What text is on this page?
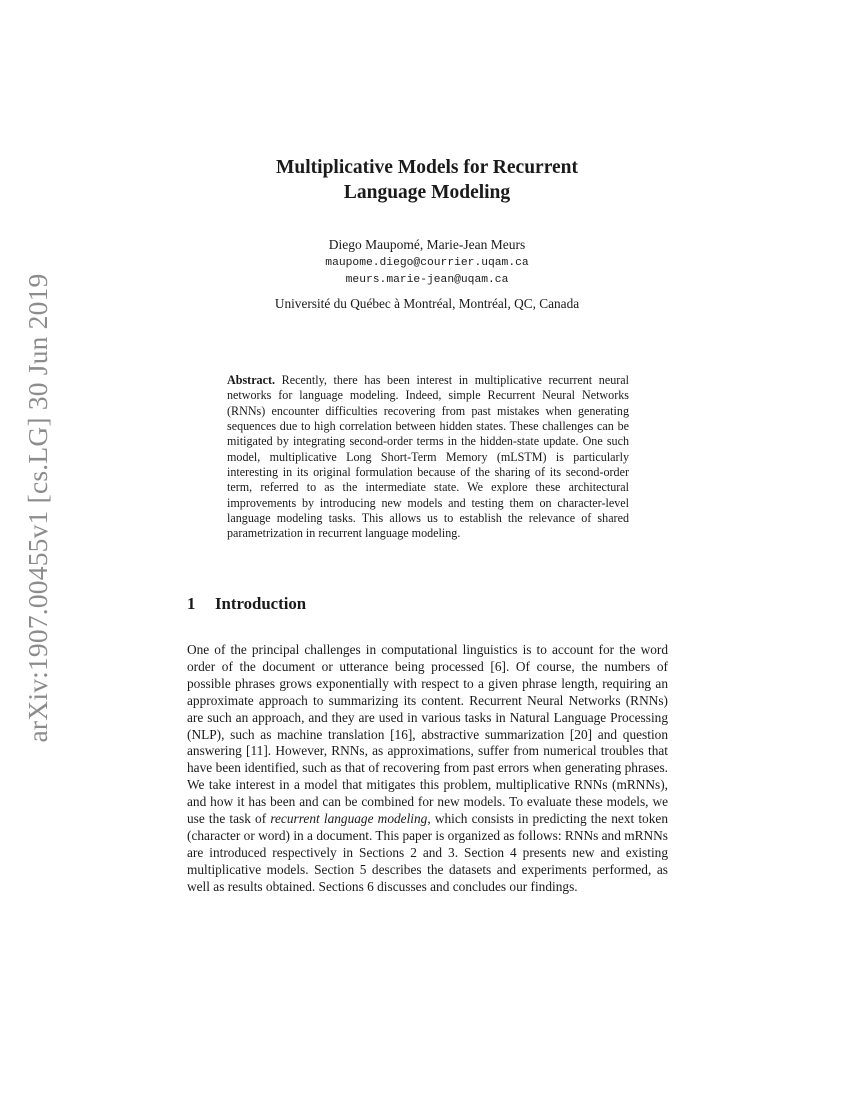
arXiv:1907.00455v1 [cs.LG] 30 Jun 2019
Multiplicative Models for Recurrent
Language Modeling
Diego Maupomé, Marie-Jean Meurs
maupome.diego@courrier.uqam.ca
meurs.marie-jean@uqam.ca
Université du Québec à Montréal, Montréal, QC, Canada
Abstract. Recently, there has been interest in multiplicative recurrent neural networks for language modeling. Indeed, simple Recurrent Neural Networks (RNNs) encounter difficulties recovering from past mistakes when generating sequences due to high correlation between hidden states. These challenges can be mitigated by integrating second-order terms in the hidden-state update. One such model, multiplicative Long Short-Term Memory (mLSTM) is particularly interesting in its original formulation because of the sharing of its second-order term, referred to as the intermediate state. We explore these architectural improvements by introducing new models and testing them on character-level language modeling tasks. This allows us to establish the relevance of shared parametrization in recurrent language modeling.
1 Introduction
One of the principal challenges in computational linguistics is to account for the word order of the document or utterance being processed [6]. Of course, the numbers of possible phrases grows exponentially with respect to a given phrase length, requiring an approximate approach to summarizing its content. Recurrent Neural Networks (RNNs) are such an approach, and they are used in various tasks in Natural Language Processing (NLP), such as machine translation [16], abstractive summarization [20] and question answering [11]. However, RNNs, as approximations, suffer from numerical troubles that have been identified, such as that of recovering from past errors when generating phrases. We take interest in a model that mitigates this problem, multiplicative RNNs (mRNNs), and how it has been and can be combined for new models. To evaluate these models, we use the task of recurrent language modeling, which consists in predicting the next token (character or word) in a document. This paper is organized as follows: RNNs and mRNNs are introduced respectively in Sections 2 and 3. Section 4 presents new and existing multiplicative models. Section 5 describes the datasets and experiments performed, as well as results obtained. Sections 6 discusses and concludes our findings.
